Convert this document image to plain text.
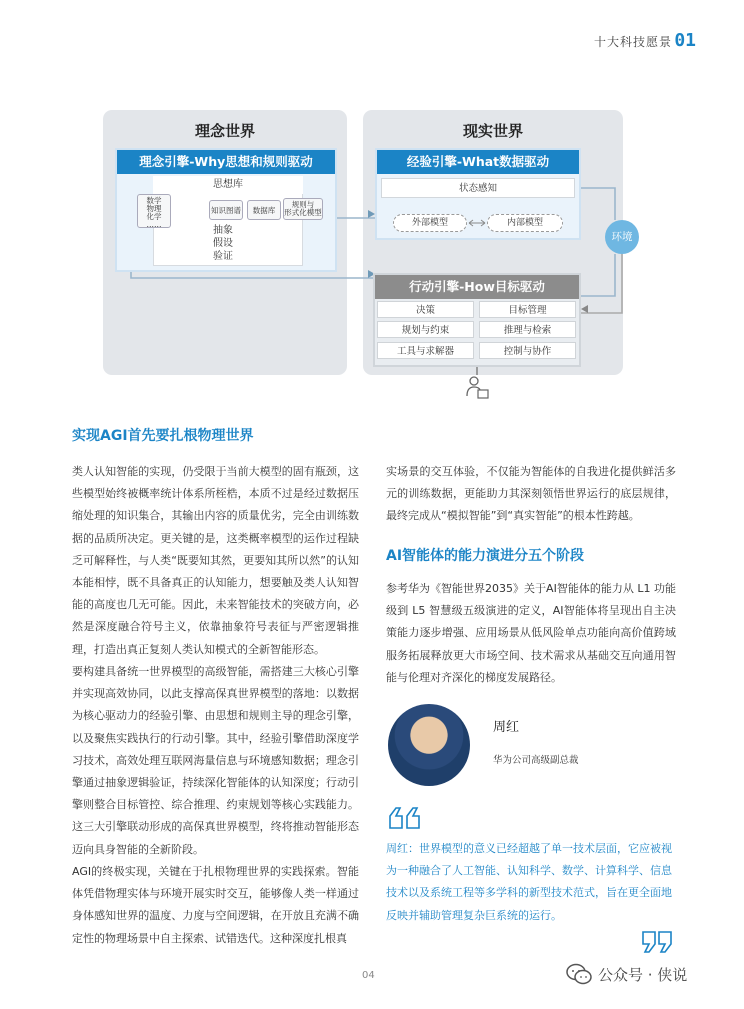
十大科技愿景 01
理念世界	现实世界
理念引擎-Why思想和规则驱动
思想库
数学
物理
化学
……
知识图谱	数据库
规则与
形式化模型
抽象
假设
验证
经验引擎-What数据驱动
状态感知
外部模型	内部模型
环境
行动引擎-How目标驱动
决策	目标管理
规划与约束	推理与检索
工具与求解器	控制与协作
实现AGI首先要扎根物理世界
类人认知智能的实现，仍受限于当前大模型的固有瓶颈，这些模型始终被概率统计体系所桎梏，本质不过是经过数据压缩处理的知识集合，其输出内容的质量优劣，完全由训练数据的品质所决定。更关键的是，这类概率模型的运作过程缺乏可解释性，与人类“既要知其然，更要知其所以然”的认知本能相悖，既不具备真正的认知能力，想要触及类人认知智能的高度也几无可能。因此，未来智能技术的突破方向，必然是深度融合符号主义，依靠抽象符号表征与严密逻辑推理，打造出真正复刻人类认知模式的全新智能形态。
要构建具备统一世界模型的高级智能，需搭建三大核心引擎并实现高效协同，以此支撑高保真世界模型的落地：以数据为核心驱动力的经验引擎、由思想和规则主导的理念引擎，以及聚焦实践执行的行动引擎。其中，经验引擎借助深度学习技术，高效处理互联网海量信息与环境感知数据；理念引擎通过抽象逻辑验证，持续深化智能体的认知深度；行动引擎则整合目标管控、综合推理、约束规划等核心实践能力。这三大引擎联动形成的高保真世界模型，终将推动智能形态迈向具身智能的全新阶段。
AGI的终极实现，关键在于扎根物理世界的实践探索。智能体凭借物理实体与环境开展实时交互，能够像人类一样通过身体感知世界的温度、力度与空间逻辑，在开放且充满不确定性的物理场景中自主探索、试错迭代。这种深度扎根真
实场景的交互体验，不仅能为智能体的自我进化提供鲜活多元的训练数据，更能助力其深刻领悟世界运行的底层规律，最终完成从“模拟智能”到“真实智能”的根本性跨越。
AI智能体的能力演进分五个阶段
参考华为《智能世界2035》关于AI智能体的能力从 L1 功能级到 L5 智慧级五级演进的定义，AI智能体将呈现出自主决策能力逐步增强、应用场景从低风险单点功能向高价值跨域服务拓展释放更大市场空间、技术需求从基础交互向通用智能与伦理对齐深化的梯度发展路径。
周红
华为公司高级副总裁
周红：世界模型的意义已经超越了单一技术层面，它应被视为一种融合了人工智能、认知科学、数学、计算科学、信息技术以及系统工程等多学科的新型技术范式，旨在更全面地反映并辅助管理复杂巨系统的运行。
04	公众号 · 侠说
